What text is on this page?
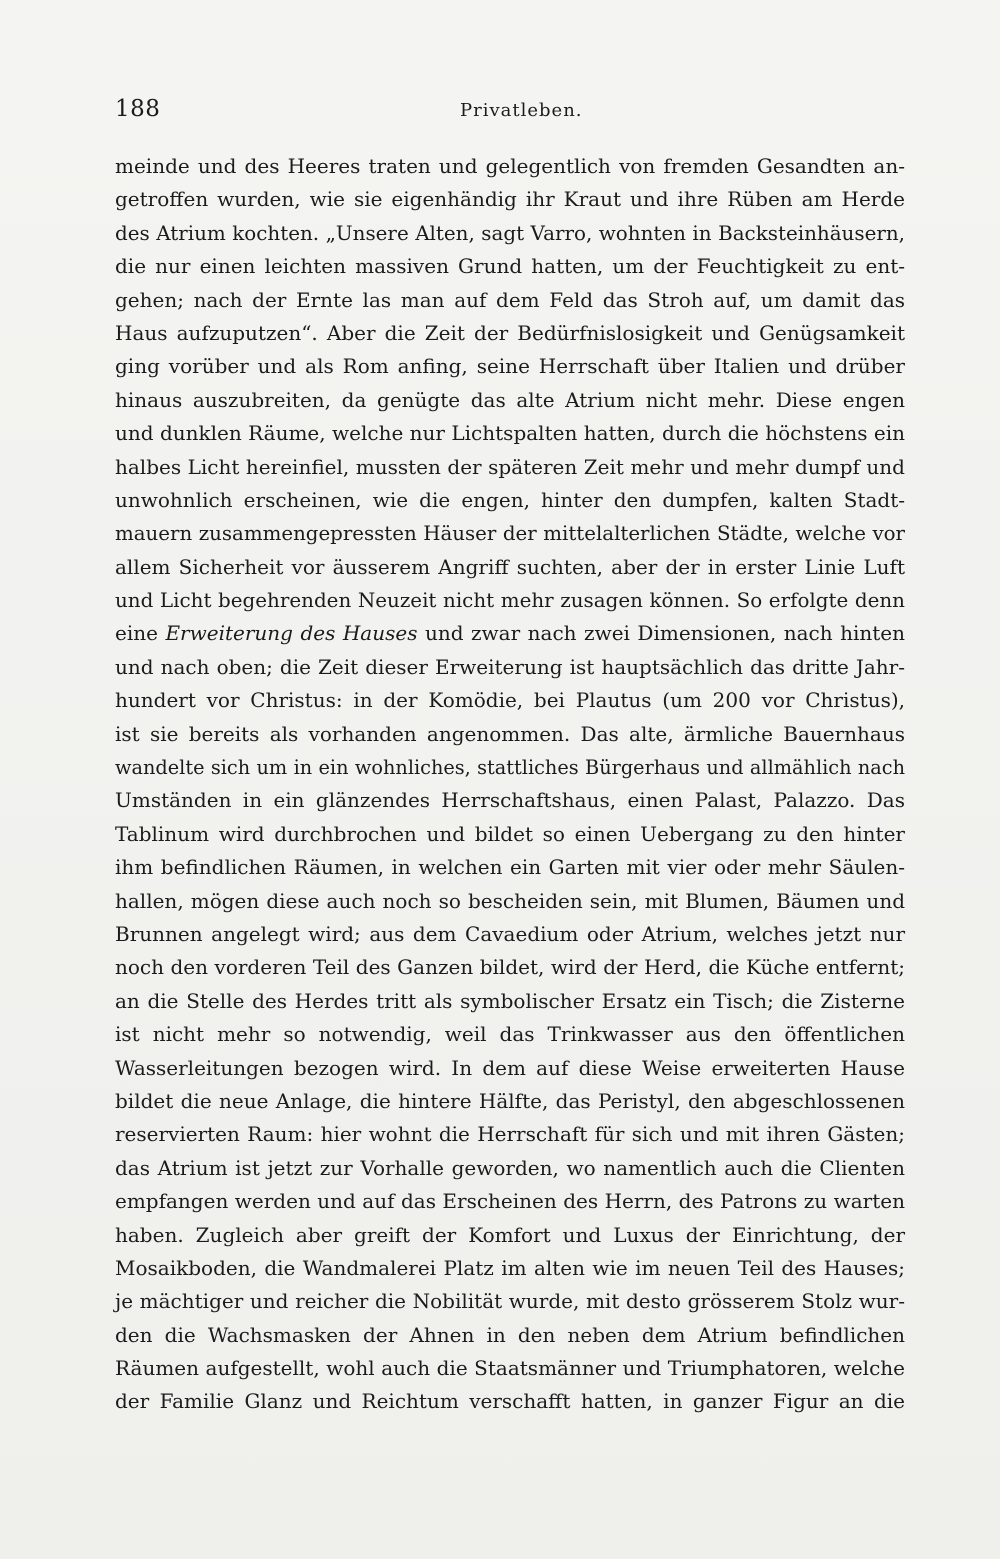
188	Privatleben.
meinde und des Heeres traten und gelegentlich von fremden Gesandten an-
getroffen wurden, wie sie eigenhändig ihr Kraut und ihre Rüben am Herde
des Atrium kochten. „Unsere Alten, sagt Varro, wohnten in Backsteinhäusern,
die nur einen leichten massiven Grund hatten, um der Feuchtigkeit zu ent-
gehen; nach der Ernte las man auf dem Feld das Stroh auf, um damit das
Haus aufzuputzen“. Aber die Zeit der Bedürfnislosigkeit und Genügsamkeit
ging vorüber und als Rom anfing, seine Herrschaft über Italien und drüber
hinaus auszubreiten, da genügte das alte Atrium nicht mehr. Diese engen
und dunklen Räume, welche nur Lichtspalten hatten, durch die höchstens ein
halbes Licht hereinfiel, mussten der späteren Zeit mehr und mehr dumpf und
unwohnlich erscheinen, wie die engen, hinter den dumpfen, kalten Stadt-
mauern zusammengepressten Häuser der mittelalterlichen Städte, welche vor
allem Sicherheit vor äusserem Angriff suchten, aber der in erster Linie Luft
und Licht begehrenden Neuzeit nicht mehr zusagen können. So erfolgte denn
eine Erweiterung des Hauses und zwar nach zwei Dimensionen, nach hinten
und nach oben; die Zeit dieser Erweiterung ist hauptsächlich das dritte Jahr-
hundert vor Christus: in der Komödie, bei Plautus (um 200 vor Christus),
ist sie bereits als vorhanden angenommen. Das alte, ärmliche Bauernhaus
wandelte sich um in ein wohnliches, stattliches Bürgerhaus und allmählich nach
Umständen in ein glänzendes Herrschaftshaus, einen Palast, Palazzo. Das
Tablinum wird durchbrochen und bildet so einen Uebergang zu den hinter
ihm befindlichen Räumen, in welchen ein Garten mit vier oder mehr Säulen-
hallen, mögen diese auch noch so bescheiden sein, mit Blumen, Bäumen und
Brunnen angelegt wird; aus dem Cavaedium oder Atrium, welches jetzt nur
noch den vorderen Teil des Ganzen bildet, wird der Herd, die Küche entfernt;
an die Stelle des Herdes tritt als symbolischer Ersatz ein Tisch; die Zisterne
ist nicht mehr so notwendig, weil das Trinkwasser aus den öffentlichen
Wasserleitungen bezogen wird. In dem auf diese Weise erweiterten Hause
bildet die neue Anlage, die hintere Hälfte, das Peristyl, den abgeschlossenen
reservierten Raum: hier wohnt die Herrschaft für sich und mit ihren Gästen;
das Atrium ist jetzt zur Vorhalle geworden, wo namentlich auch die Clienten
empfangen werden und auf das Erscheinen des Herrn, des Patrons zu warten
haben. Zugleich aber greift der Komfort und Luxus der Einrichtung, der
Mosaikboden, die Wandmalerei Platz im alten wie im neuen Teil des Hauses;
je mächtiger und reicher die Nobilität wurde, mit desto grösserem Stolz wur-
den die Wachsmasken der Ahnen in den neben dem Atrium befindlichen
Räumen aufgestellt, wohl auch die Staatsmänner und Triumphatoren, welche
der Familie Glanz und Reichtum verschafft hatten, in ganzer Figur an die
